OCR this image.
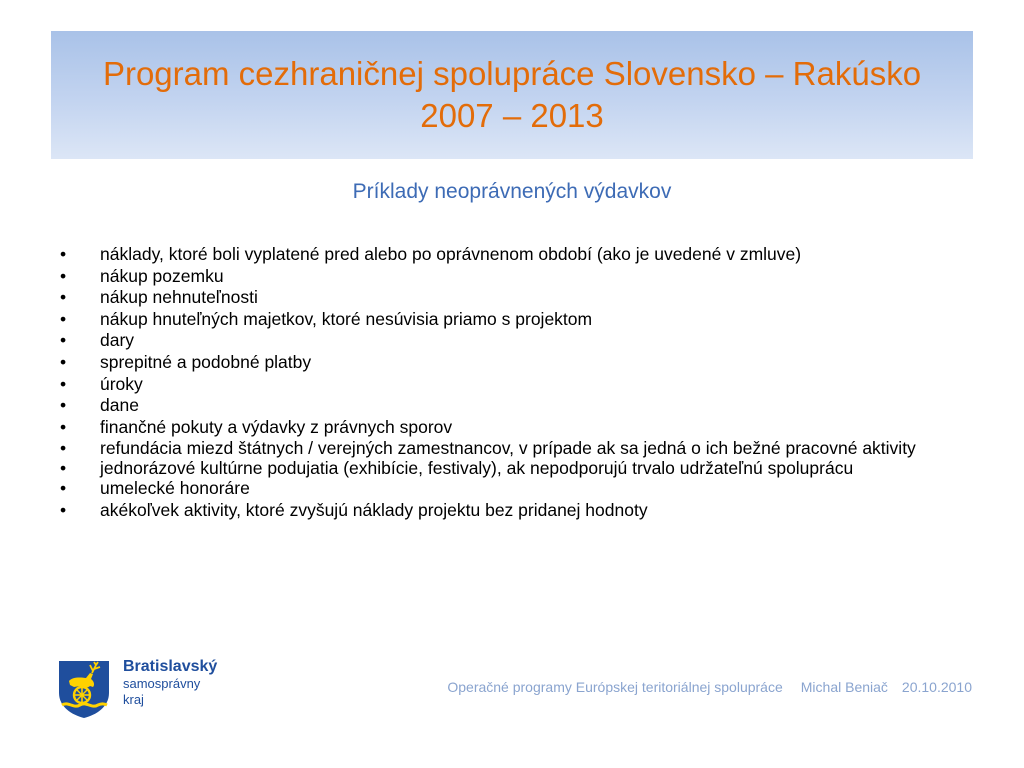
Program cezhraničnej spolupráce Slovensko – Rakúsko
2007 – 2013
Príklady neoprávnených výdavkov
• náklady, ktoré boli vyplatené pred alebo po oprávnenom období (ako je uvedené v zmluve)
• nákup pozemku
• nákup nehnuteľnosti
• nákup hnuteľných majetkov, ktoré nesúvisia priamo s projektom
• dary
• sprepitné a podobné platby
• úroky
• dane
• finančné pokuty a výdavky z právnych sporov
• refundácia miezd štátnych / verejných zamestnancov, v prípade ak sa jedná o ich bežné pracovné aktivity
• jednorázové kultúrne podujatia (exhibície, festivaly), ak nepodporujú trvalo udržateľnú spoluprácu
• umelecké honoráre
• akékoľvek aktivity, ktoré zvyšujú náklady projektu bez pridanej hodnoty
Bratislavský
samosprávny
kraj
Operačné programy Európskej teritoriálnej spolupráce Michal Beniač 20.10.2010
